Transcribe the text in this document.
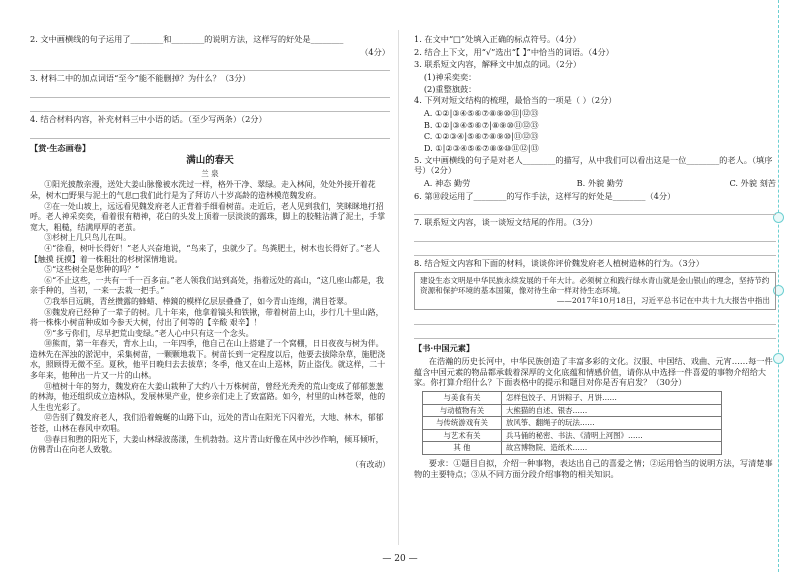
2. 文中画横线的句子运用了________和________的说明方法，这样写的好处是________
（4分）
3. 材料二中的加点词语“至今”能不能删掉？为什么？（3分）
4. 结合材料内容，补充材料三中小语的话。（至少写两条）（2分）
【赏·生态画卷】
满山的春天
兰 泉

①阳光披散亲漫，送处大姜山脉像被水洗过一样，格外干净、翠绿。走入林间，处处外接开着花朵，树木□野果与泥土的气息□我们此行是为了拜访八十岁高龄的造林模范魏发府。

②在一处山坡上，远远看见魏发府老人正背着手细看树苗。走近后，老人见到我们，笑眯眯地打招呼。老人神采奕奕，看着很有精神，花白的头发上顶着一层淡淡的露珠，脚上的胶鞋沾满了泥土，手掌宽大，粗糙，结满厚厚的老茧。

③杉树上几只鸟儿在叫。

④“徐看，树叶长得好！”老人兴奋地说，“鸟来了，虫就少了。鸟粪肥土，树木也长得好了。”老人【触摸 抚摸】着一株粗壮的杉树深情地说。

⑤“这些树全是您种的吗？”

⑥“不止这些，一共有一千一百多亩。”老人领我们站到高处，指着远处的高山，“这几座山都是，我亲手种的，当初，一来一去栽一把手。”

⑦我举目远眺，青丝攒露的蜂蜡、棒鏡的模样亿层层叠叠了，如今青山连绵，满目苍翠。

⑧魏发府已经种了一辈子的树。几十年来，他拿着镐头和铁锹，带着树苗上山，步行几十里山路，将一株株小树苗种成如今参天大树，付出了何等的【辛酸 艰辛】！

⑨“多亏你们，尽早把荒山变绿。”老人心中只有这一个念头。

⑩熊而，第一年春天，背水上山，一年四季，他自己在山上搭建了一个窝棚，日日夜夜与树为伴。造林先在浑浊的淤泥中，采集树苗，一颗颗地栽下。树苗长到一定程度以后，他要去拔除杂草，施肥浇水，照顾得无微不至。夏秋，他平日晚归去去拔草；冬季，他又在山上巡林，防止盗伐。就这样，二十多年来，他种出一片又一片的山林。

⑪植树十年的努力，魏发府在大姜山栽种了大约八十万株树苗，曾经光秃秃的荒山变成了郁郁葱葱的林海，他还组织成立造林队，发展林果产业，使乡亲们走上了致富路。如今，村里的山林苍翠，他的人生也光彩了。

⑫告别了魏发府老人，我们沿着蜿蜒的山路下山，远处的青山在阳光下闪着光，大地、林木，郁郁苍苍，山林在春风中欢唱。

⑬春日和煦的阳光下，大姜山林绿波荡漾，生机勃勃。这片青山好像在风中沙沙作响，倾耳倾听，仿佛青山在向老人致敬。

（有改动）
1. 在文中“□”处填入正确的标点符号。（4分）
2. 结合上下文，用“√”选出“【 】”中恰当的词语。（4分）
3. 联系短文内容，解释文中加点的词。（2分）
(1)神采奕奕：
(2)重整旗鼓：
4. 下列对短文结构的梳理，最恰当的一项是（ ）（2分）
A. ①②|③④⑤⑥⑦⑧⑨⑩⑪|⑫⑬
B. ①②|③④⑤⑥⑦|⑧⑨⑩⑪⑫⑬
C. ①②③④|⑤⑥⑦⑧⑨⑩|⑪⑫⑬
D. ①|②③④⑤⑥⑦⑧⑨⑩⑪⑫|⑬
5. 文中画横线的句子是对老人________的描写，从中我们可以看出这是一位________的老人。（填序号）（2分）
A. 神态 勤劳	B. 外貌 勤劳	C. 外貌 刻苦
6. 第⑩段运用了________的写作手法，这样写的好处是________（4分）
7. 联系短文内容，谈一谈短文结尾的作用。（3分）
8. 结合短文内容和下面的材料，谈谈你评价魏发府老人植树造林的行为。（3分）
建设生态文明是中华民族永续发展的千年大计。必须树立和践行绿水青山就是金山银山的理念，坚持节约资源和保护环境的基本国策，像对待生命一样对待生态环境。
——2017年10月18日，习近平总书记在中共十九大报告中指出
【书·中国元素】
在浩瀚的历史长河中，中华民族创造了丰富多彩的文化。汉服、中国结、戏曲、元宵……每一件蕴含中国元素的物品都承载着深厚的文化底蕴和情感价值，请你从中选择一件喜爱的事物介绍给大家。你打算介绍什么？下面表格中的提示和题目对你是否有启发？（30分）
与美食有关	怎样包饺子、月饼粽子、月饼……
与动植物有关	大熊猫的自述、银杏……
与传统游戏有关	放风筝、翻绳子的玩法……
与艺术有关	兵马俑的秘密、书法、《清明上河图》……
其 他	故宫博物院、造纸术……
要求：①题目自拟，介绍一种事物，表达出自己的喜爱之情；②运用恰当的说明方法，写清楚事物的主要特点；③从不同方面分段介绍事物的相关知识。
— 20 —
